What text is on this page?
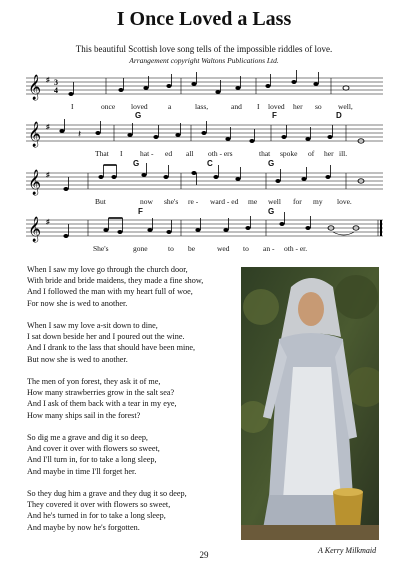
I Once Loved a Lass
This beautiful Scottish love song tells of the impossible riddles of love.
Arrangement copyright Waltons Publications Ltd.
𝄞 ♯ 3
4
I	once loved	a	lass,	and I loved her so well,
G	F	D
𝄞 ♯
𝄽
That I hat - ed all oth - ers	that spoke of her ill.
G	C	G
𝄞 ♯
But	now she's re - ward - ed me well for my love.
F	G
𝄞 ♯
She's	gone	to be	wed to an - oth - er.
When I saw my love go through the church door,
With bride and bride maidens, they made a fine show,
And I followed the man with my heart full of woe,
For now she is wed to another.
When I saw my love a-sit down to dine,
I sat down beside her and I poured out the wine.
And I drank to the lass that should have been mine,
But now she is wed to another.
The men of yon forest, they ask it of me,
How many strawberries grow in the salt sea?
And I ask of them back with a tear in my eye,
How many ships sail in the forest?
So dig me a grave and dig it so deep,
And cover it over with flowers so sweet,
And I'll turn in, for to take a long sleep,
And maybe in time I'll forget her.
So they dug him a grave and they dug it so deep,
They covered it over with flowers so sweet,
And he's turned in for to take a long sleep,
And maybe by now he's forgotten.
A Kerry Milkmaid
29
